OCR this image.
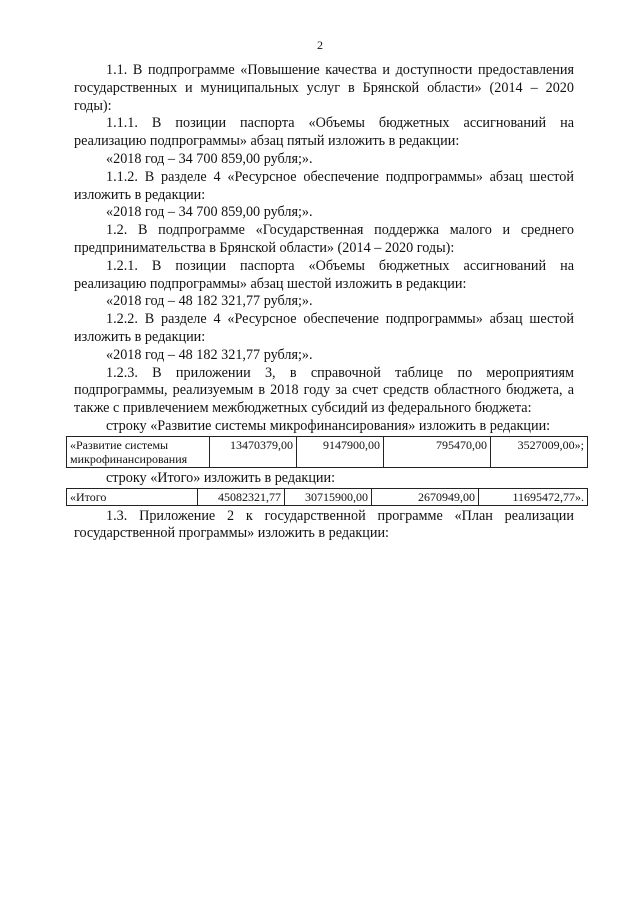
2

1.1. В подпрограмме «Повышение качества и доступности предоставления государственных и муниципальных услуг в Брянской области» (2014 – 2020 годы):

1.1.1. В позиции паспорта «Объемы бюджетных ассигнований на реализацию подпрограммы» абзац пятый изложить в редакции:

«2018 год – 34 700 859,00 рубля;».

1.1.2. В разделе 4 «Ресурсное обеспечение подпрограммы» абзац шестой изложить в редакции:

«2018 год – 34 700 859,00 рубля;».

1.2. В подпрограмме «Государственная поддержка малого и среднего предпринимательства в Брянской области» (2014 – 2020 годы):

1.2.1. В позиции паспорта «Объемы бюджетных ассигнований на реализацию подпрограммы» абзац шестой изложить в редакции:

«2018 год – 48 182 321,77 рубля;».

1.2.2. В разделе 4 «Ресурсное обеспечение подпрограммы» абзац шестой изложить в редакции:

«2018 год – 48 182 321,77 рубля;».

1.2.3. В приложении 3, в справочной таблице по мероприятиям подпрограммы, реализуемым в 2018 году за счет средств областного бюджета, а также с привлечением межбюджетных субсидий из федерального бюджета:

строку «Развитие системы микрофинансирования» изложить в редакции:

«Развитие системы микрофинансирования	13470379,00	9147900,00	795470,00	3527009,00»;

строку «Итого» изложить в редакции:

«Итого	45082321,77	30715900,00	2670949,00	11695472,77».

1.3. Приложение 2 к государственной программе «План реализации государственной программы» изложить в редакции:
